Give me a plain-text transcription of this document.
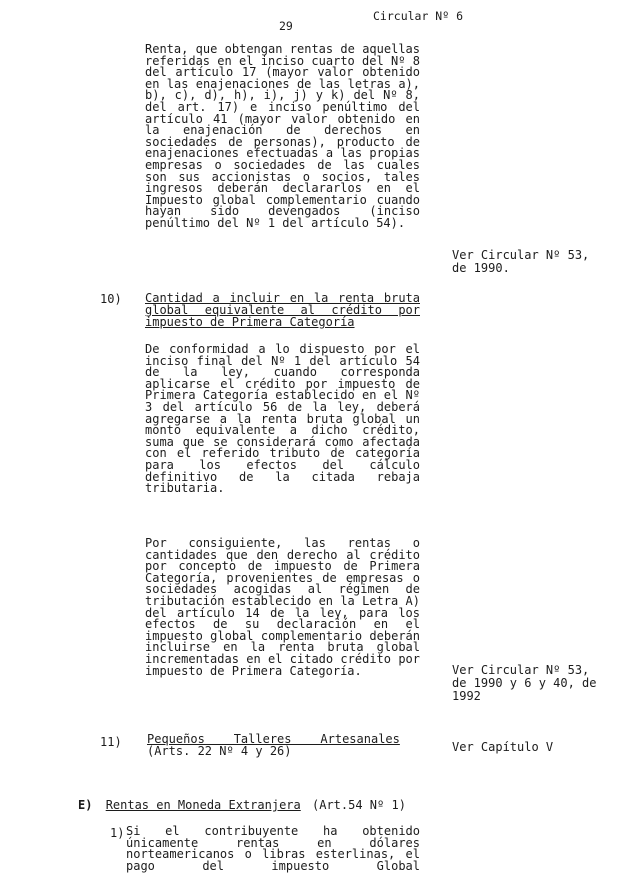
29
Circular Nº 6
Renta, que obtengan rentas de aquellas referidas en el inciso cuarto del Nº 8 del artículo 17 (mayor valor obtenido en las enajenaciones de las letras a), b), c), d), h), i), j) y k) del Nº 8, del art. 17) e inciso penúltimo del artículo 41 (mayor valor obtenido en la enajenación de derechos en sociedades de personas), producto de enajenaciones efectuadas a las propias empresas o sociedades de las cuales son sus accionistas o socios, tales ingresos deberán declararlos en el Impuesto global complementario cuando hayan sido devengados (inciso penúltimo del Nº 1 del artículo 54).
Ver Circular Nº 53,
de 1990.
10) Cantidad a incluir en la renta bruta global equivalente al crédito por impuesto de Primera Categoría
De conformidad a lo dispuesto por el inciso final del Nº 1 del artículo 54 de la ley, cuando corresponda aplicarse el crédito por impuesto de Primera Categoría establecido en el Nº 3 del artículo 56 de la ley, deberá agregarse a la renta bruta global un monto equivalente a dicho crédito, suma que se considerará como afectada con el referido tributo de categoría para los efectos del cálculo definitivo de la citada rebaja tributaria.
Por consiguiente, las rentas o cantidades que den derecho al crédito por concepto de impuesto de Primera Categoría, provenientes de empresas o sociedades acogidas al régimen de tributación establecido en la Letra A) del artículo 14 de la ley, para los efectos de su declaración en el impuesto global complementario deberán incluirse en la renta bruta global incrementadas en el citado crédito por impuesto de Primera Categoría.	Ver Circular Nº 53,
de 1990 y 6 y 40, de
1992
11) Pequeños    Talleres    Artesanales
(Arts. 22 Nº 4 y 26)	Ver Capítulo V
E) Rentas en Moneda Extranjera (Art.54 Nº 1)
1) Si el contribuyente ha obtenido únicamente rentas en dólares norteamericanos o libras esterlinas, el pago del impuesto Global
